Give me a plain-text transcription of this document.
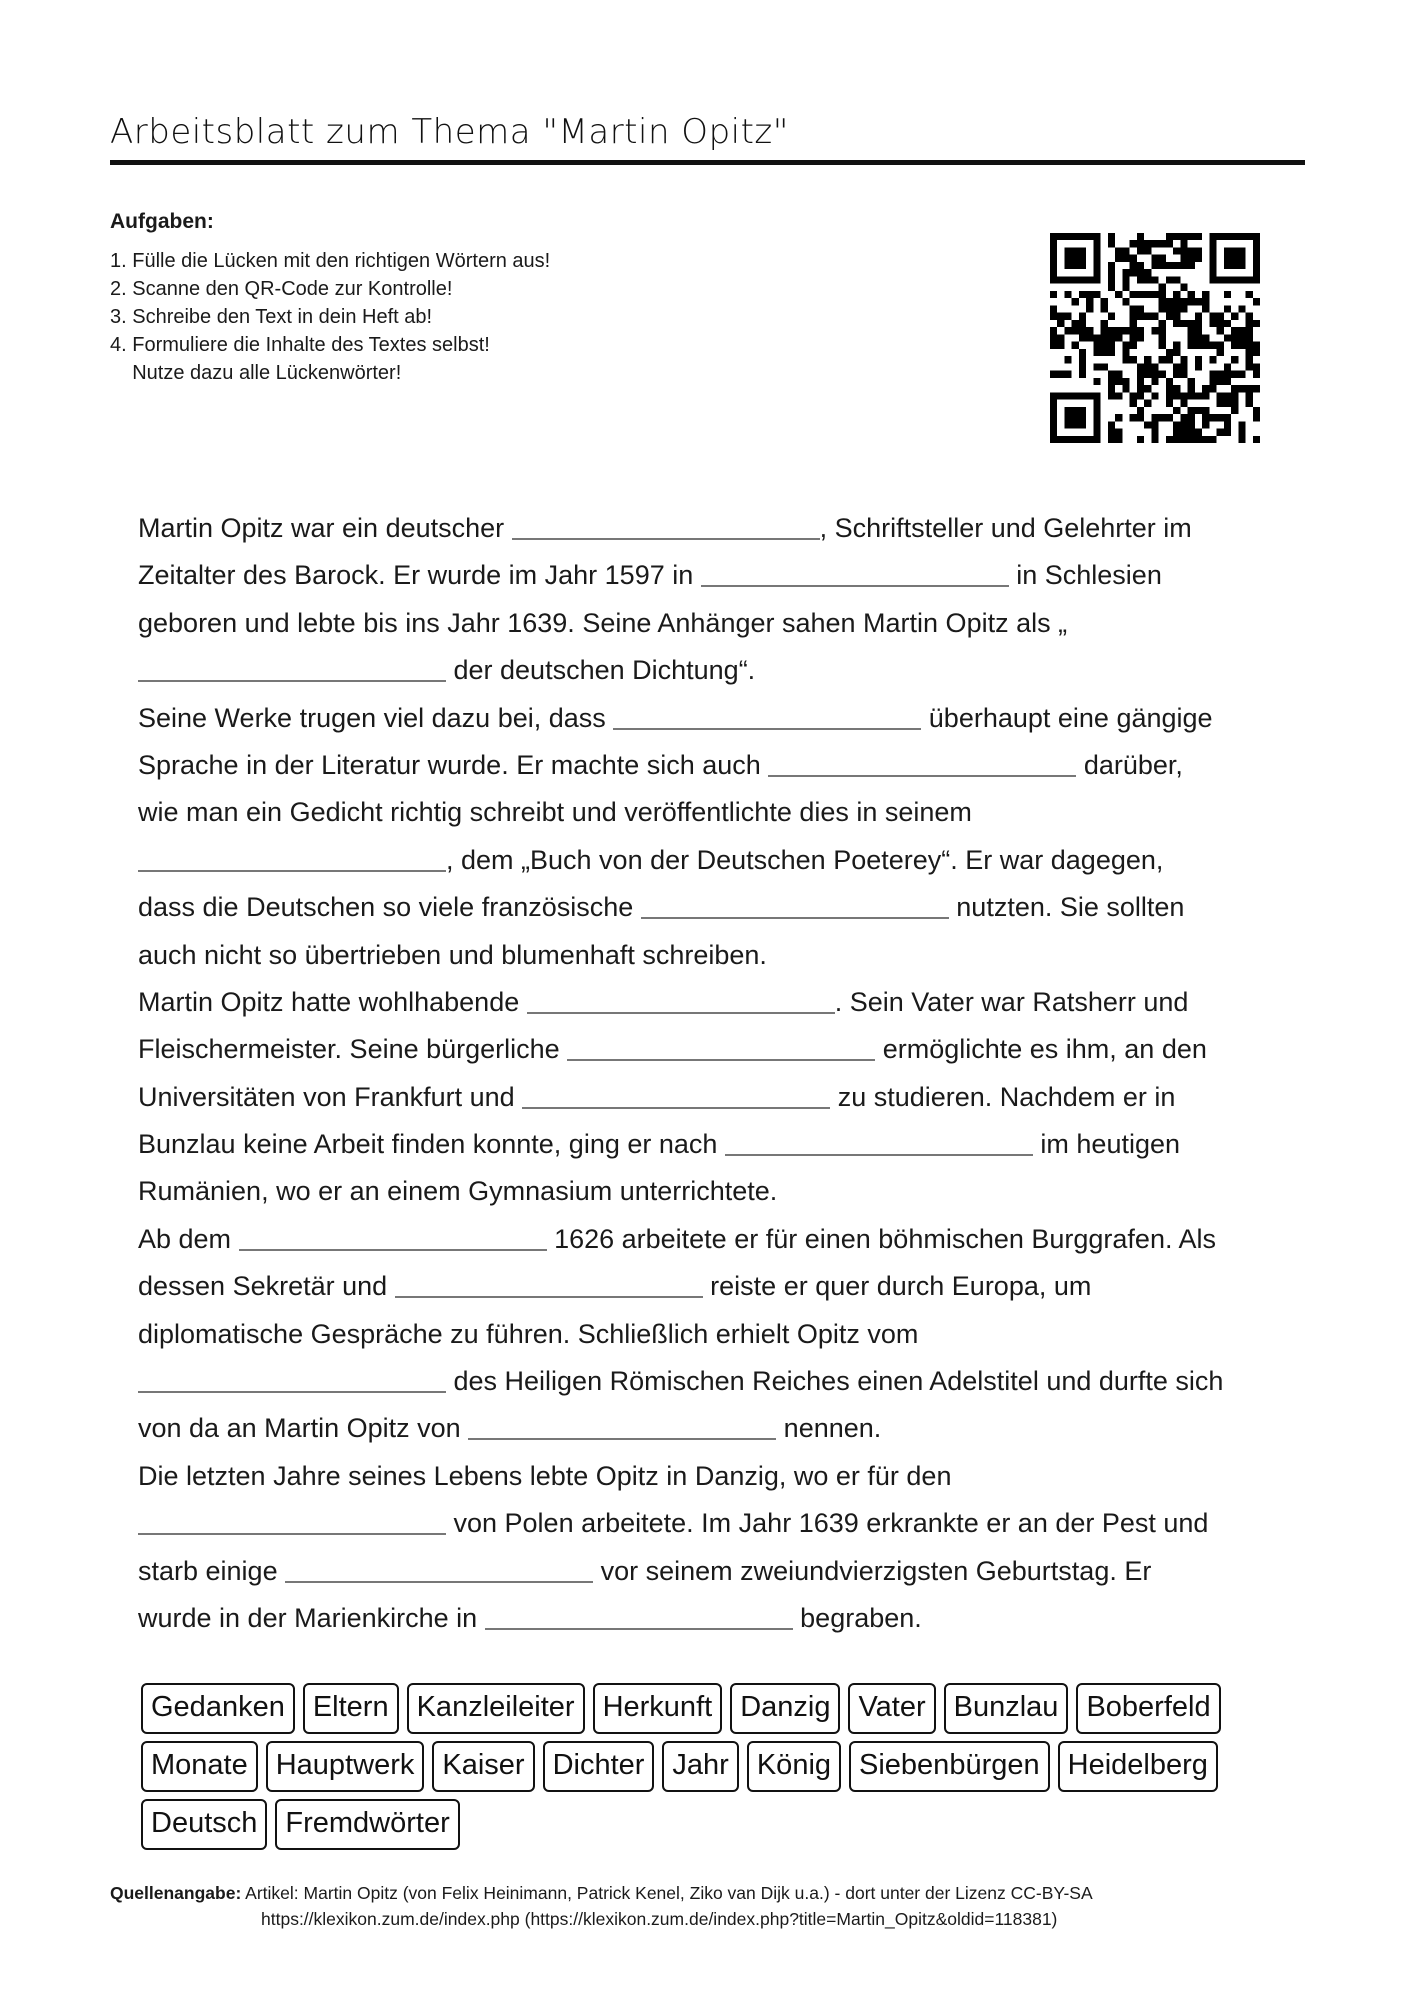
Arbeitsblatt zum Thema "Martin Opitz"
Aufgaben:
1. Fülle die Lücken mit den richtigen Wörtern aus!
2. Scanne den QR-Code zur Kontrolle!
3. Schreibe den Text in dein Heft ab!
4. Formuliere die Inhalte des Textes selbst!
Nutze dazu alle Lückenwörter!
Martin Opitz war ein deutscher	, Schriftsteller und Gelehrter im
Zeitalter des Barock. Er wurde im Jahr 1597 in	in Schlesien
geboren und lebte bis ins Jahr 1639. Seine Anhänger sahen Martin Opitz als „
der deutschen Dichtung“.
Seine Werke trugen viel dazu bei, dass	überhaupt eine gängige
Sprache in der Literatur wurde. Er machte sich auch	darüber,
wie man ein Gedicht richtig schreibt und veröffentlichte dies in seinem
, dem „Buch von der Deutschen Poeterey“. Er war dagegen,
dass die Deutschen so viele französische	nutzten. Sie sollten
auch nicht so übertrieben und blumenhaft schreiben.
Martin Opitz hatte wohlhabende	. Sein Vater war Ratsherr und
Fleischermeister. Seine bürgerliche	ermöglichte es ihm, an den
Universitäten von Frankfurt und	zu studieren. Nachdem er in
Bunzlau keine Arbeit finden konnte, ging er nach	im heutigen
Rumänien, wo er an einem Gymnasium unterrichtete.
Ab dem	1626 arbeitete er für einen böhmischen Burggrafen. Als
dessen Sekretär und	reiste er quer durch Europa, um
diplomatische Gespräche zu führen. Schließlich erhielt Opitz vom
des Heiligen Römischen Reiches einen Adelstitel und durfte sich
von da an Martin Opitz von	nennen.
Die letzten Jahre seines Lebens lebte Opitz in Danzig, wo er für den
von Polen arbeitete. Im Jahr 1639 erkrankte er an der Pest und
starb einige	vor seinem zweiundvierzigsten Geburtstag. Er
wurde in der Marienkirche in	begraben.
Gedanken Eltern Kanzleileiter Herkunft Danzig Vater Bunzlau Boberfeld
Monate Hauptwerk Kaiser Dichter Jahr König Siebenbürgen Heidelberg
Deutsch Fremdwörter
Quellenangabe: Artikel: Martin Opitz (von Felix Heinimann, Patrick Kenel, Ziko van Dijk u.a.) - dort unter der Lizenz CC-BY-SA
https://klexikon.zum.de/index.php (https://klexikon.zum.de/index.php?title=Martin_Opitz&oldid=118381)
